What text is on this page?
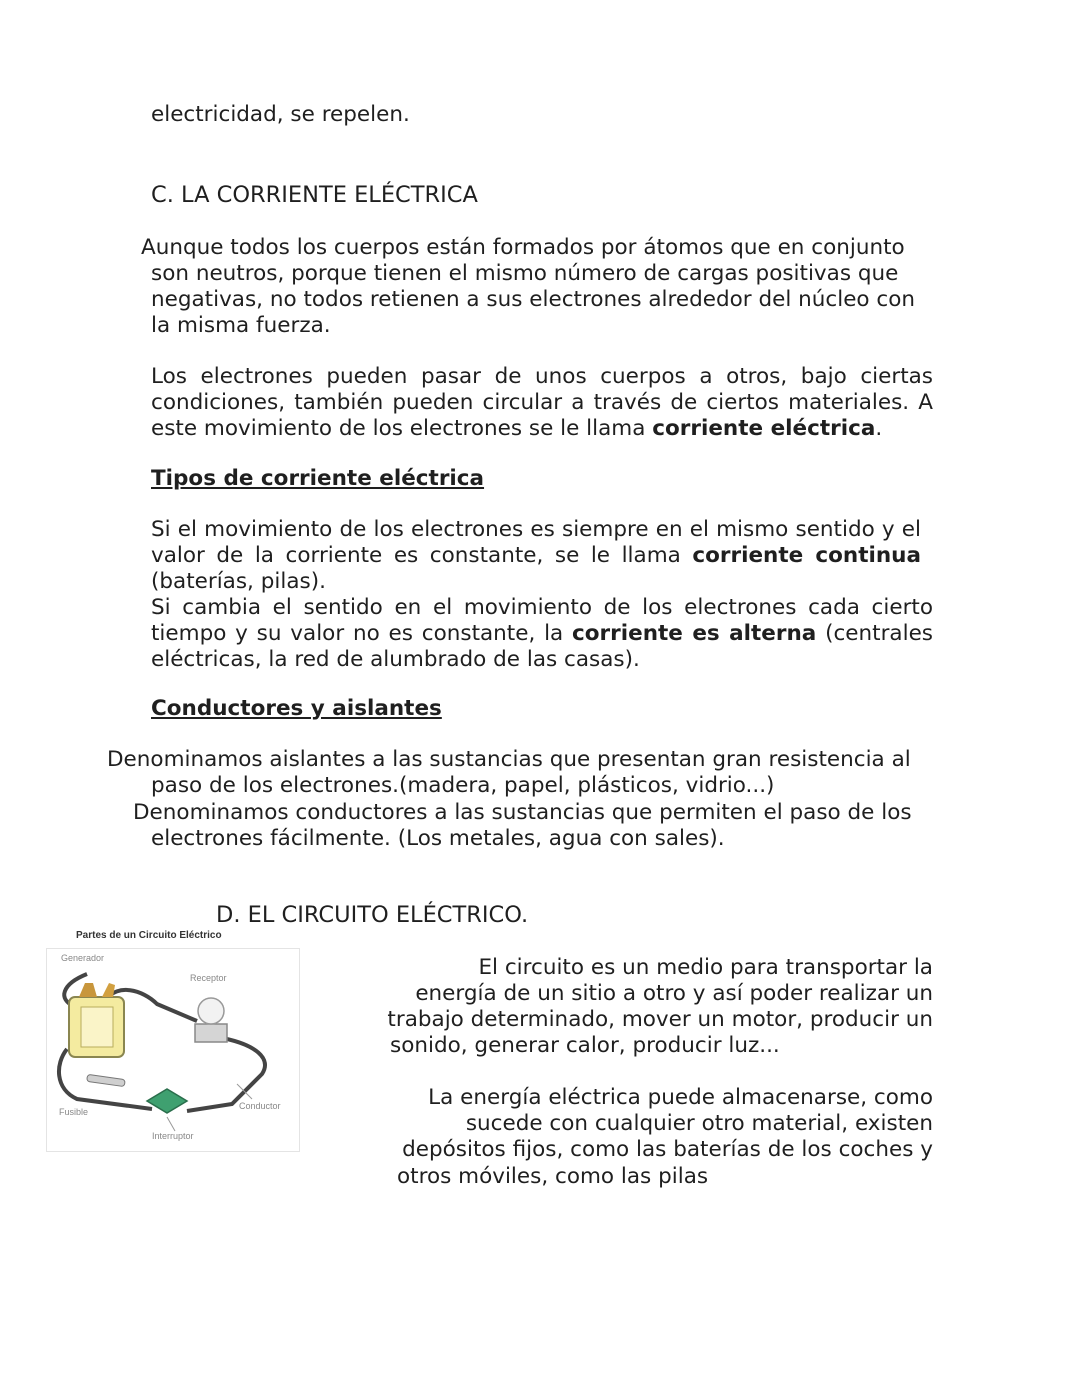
electricidad, se repelen.

C. LA CORRIENTE ELÉCTRICA

Aunque todos los cuerpos están formados por átomos que en conjunto

son neutros, porque tienen el mismo número de cargas positivas que

negativas, no todos retienen a sus electrones alrededor del núcleo con

la misma fuerza.

Los electrones pueden pasar de unos cuerpos a otros, bajo ciertas condiciones, también pueden circular a través de ciertos materiales. A este movimiento de los electrones se le llama corriente eléctrica.

Tipos de corriente eléctrica

Si el movimiento de los electrones es siempre en el mismo sentido y el valor de la corriente es constante, se le llama corriente continua (baterías, pilas).

Si cambia el sentido en el movimiento de los electrones cada cierto tiempo y su valor no es constante, la corriente es alterna (centrales eléctricas, la red de alumbrado de las casas).

Conductores y aislantes

Denominamos aislantes a las sustancias que presentan gran resistencia al

paso de los electrones.(madera, papel, plásticos, vidrio...)

Denominamos conductores a las sustancias que permiten el paso de los

electrones fácilmente. (Los metales, agua con sales).

D. EL CIRCUITO ELÉCTRICO.
Partes de un Circuito Eléctrico
Generador
Receptor
Fusible
Conductor
Interruptor

El circuito es un medio para transportar la

energía de un sitio a otro y así poder realizar un

trabajo determinado, mover un motor, producir un

sonido, generar calor, producir luz...

La energía eléctrica puede almacenarse, como

sucede con cualquier otro material, existen

depósitos fijos, como las baterías de los coches y

otros móviles, como las pilas
